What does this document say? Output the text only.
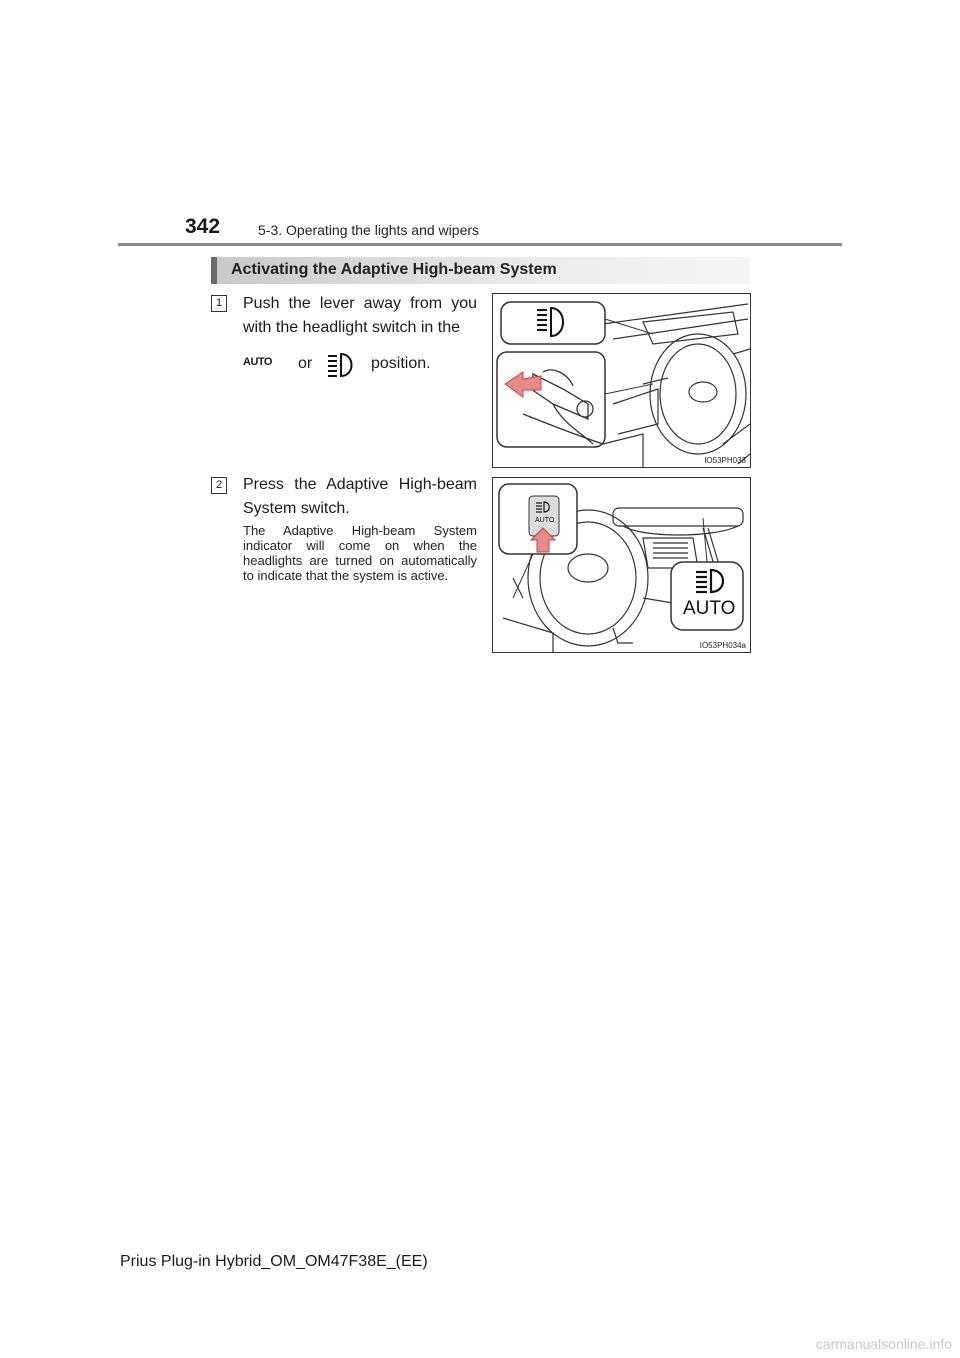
342	5-3. Operating the lights and wipers
Activating the Adaptive High-beam System
1	Push the lever away from you with the headlight switch in the
AUTO or	position.
IO53PH033
2	Press the Adaptive High-beam System switch.
The Adaptive High-beam System indicator will come on when the headlights are turned on automatically to indicate that the system is active.
AUTO
AUTO
IO53PH034a
Prius Plug-in Hybrid_OM_OM47F38E_(EE)
carmanualsonline.info
